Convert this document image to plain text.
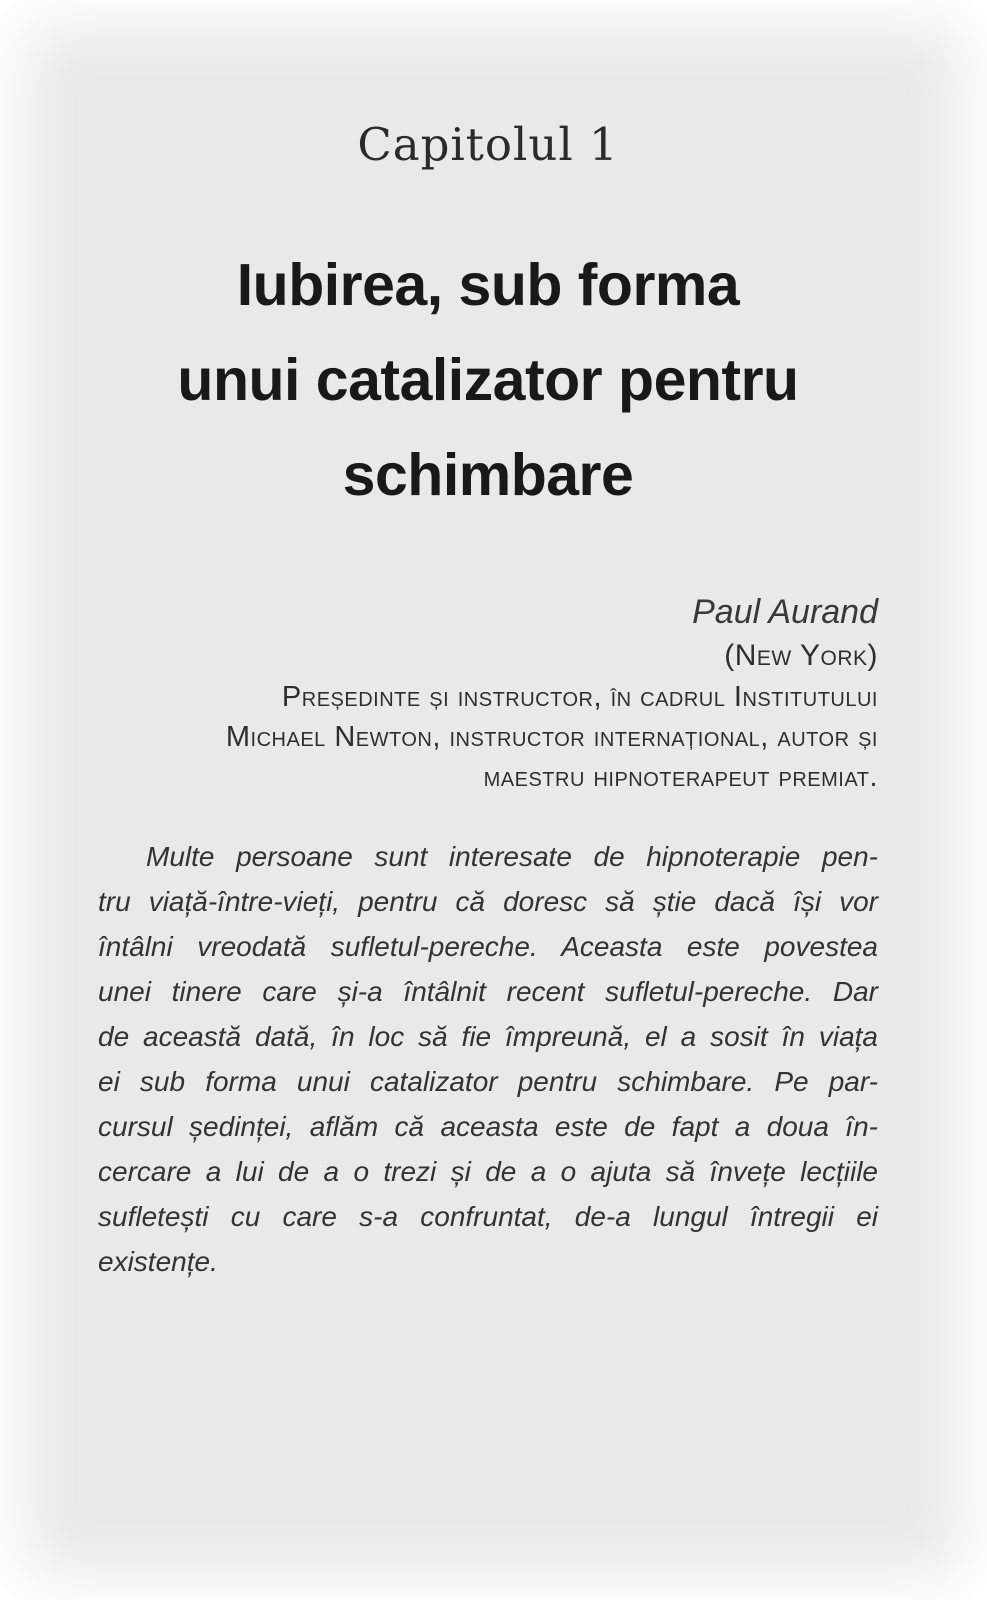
Capitolul 1
Iubirea, sub forma
unui catalizator pentru
schimbare
Paul Aurand
(New York)
Președinte și instructor, în cadrul Institutului
Michael Newton, instructor internațional, autor și
maestru hipnoterapeut premiat.
Multe persoane sunt interesate de hipnoterapie pen-
tru viață-între-vieți, pentru că doresc să știe dacă își vor
întâlni vreodată sufletul-pereche. Aceasta este povestea
unei tinere care și-a întâlnit recent sufletul-pereche. Dar
de această dată, în loc să fie împreună, el a sosit în viața
ei sub forma unui catalizator pentru schimbare. Pe par-
cursul ședinței, aflăm că aceasta este de fapt a doua în-
cercare a lui de a o trezi și de a o ajuta să învețe lecțiile
sufletești cu care s-a confruntat, de-a lungul întregii ei
existențe.
